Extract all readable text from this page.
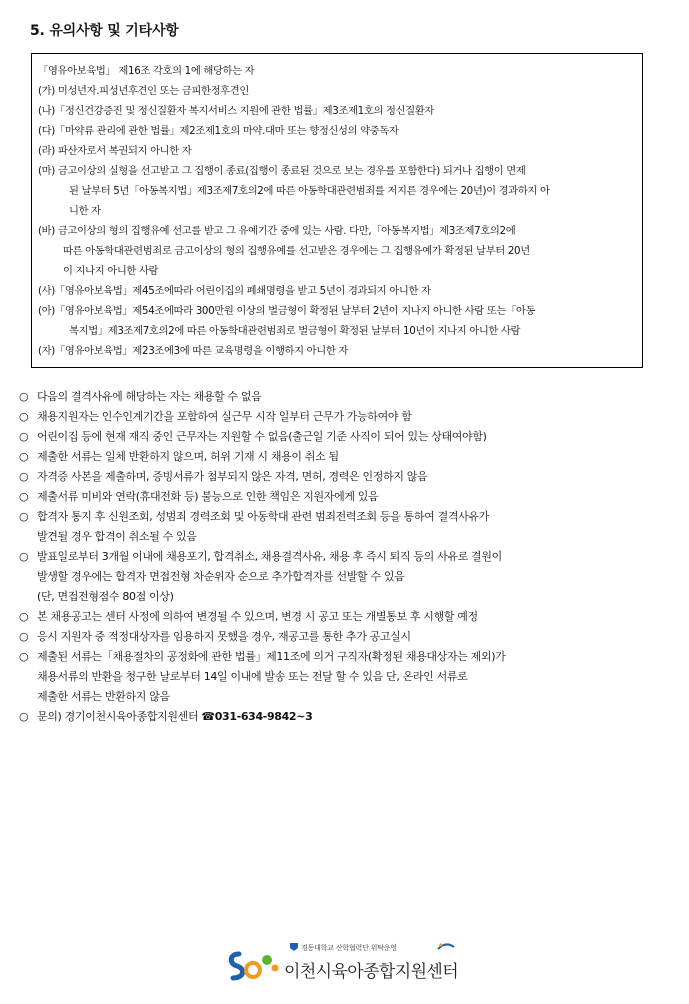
5. 유의사항 및 기타사항
「영유아보육법」 제16조 각호의 1에 해당하는 자
(가) 미성년자.피성년후견인 또는 금피한정후견인
(나)「정신건강증진 및 정신질환자 복지서비스 지원에 관한 법률」제3조제1호의 정신질환자
(다)「마약류 관리에 관한 법률」제2조제1호의 마약.대마 또는 향정신성의 약중독자
(라) 파산자로서 복권되지 아니한 자
(마) 금고이상의 실형을 선고받고 그 집행이 종료(집행이 종료된 것으로 보는 경우를 포함한다) 되거나 집행이 면제
된 날부터 5년「아동복지법」제3조제7호의2에 따른 아동학대관련범죄를 저지른 경우에는 20년)이 경과하지 아
니한 자
(바) 금고이상의 형의 집행유예 선고를 받고 그 유예기간 중에 있는 사람. 다만,「아동복지법」제3조제7호의2에
따른 아동학대관련범죄로 금고이상의 형의 집행유예를 선고받은 경우에는 그 집행유예가 확정된 날부터 20년
이 지나지 아니한 사람
(사)「영유아보육법」제45조에따라 어린이집의 폐쇄명령을 받고 5년이 경과되지 아니한 자
(아)「영유아보육법」제54조에따라 300만원 이상의 벌금형이 확정된 날부터 2년이 지나지 아니한 사람 또는「아동
복지법」제3조제7호의2에 따른 아동학대관련범죄로 벌금형이 확정된 날부터 10년이 지나지 아니한 사람
(자)「영유아보육법」제23조에3에 따른 교육명령을 이행하지 아니한 자
○ 다음의 결격사유에 해당하는 자는 채용할 수 없음
○ 채용지원자는 인수인계기간을 포함하여 실근무 시작 일부터 근무가 가능하여야 함
○ 어린이집 등에 현재 재직 중인 근무자는 지원할 수 없음(출근일 기준 사직이 되어 있는 상태여야함)
○ 제출한 서류는 일체 반환하지 않으며, 허위 기재 시 채용이 취소 됨
○ 자격증 사본을 제출하며, 증빙서류가 첨부되지 않은 자격, 면허, 경력은 인정하지 않음
○ 제출서류 미비와 연락(휴대전화 등) 불능으로 인한 책임은 지원자에게 있음
○ 합격자 통지 후 신원조회, 성범죄 경력조회 및 아동학대 관련 범죄전력조회 등을 통하여 결격사유가
발견될 경우 합격이 취소될 수 있음
○ 발표일로부터 3개월 이내에 채용포기, 합격취소, 채용결격사유, 채용 후 즉시 퇴직 등의 사유로 결원이
발생할 경우에는 합격자 면접전형 차순위자 순으로 추가합격자를 선발할 수 있음
(단, 면접전형점수 80점 이상)
○ 본 채용공고는 센터 사정에 의하여 변경될 수 있으며, 변경 시 공고 또는 개별통보 후 시행할 예정
○ 응시 지원자 중 적정대상자를 임용하지 못했을 경우, 재공고를 통한 추가 공고실시
○ 제출된 서류는「채용절차의 공정화에 관한 법률」제11조에 의거 구직자(확정된 채용대상자는 제외)가
채용서류의 반환을 청구한 날로부터 14일 이내에 발송 또는 전달 할 수 있음 단, 온라인 서류로
제출한 서류는 반환하지 않음
○ 문의) 경기이천시육아종합지원센터 ☎031-634-9842~3
경동대학교 산학협력단 위탁운영
이천시육아종합지원센터
